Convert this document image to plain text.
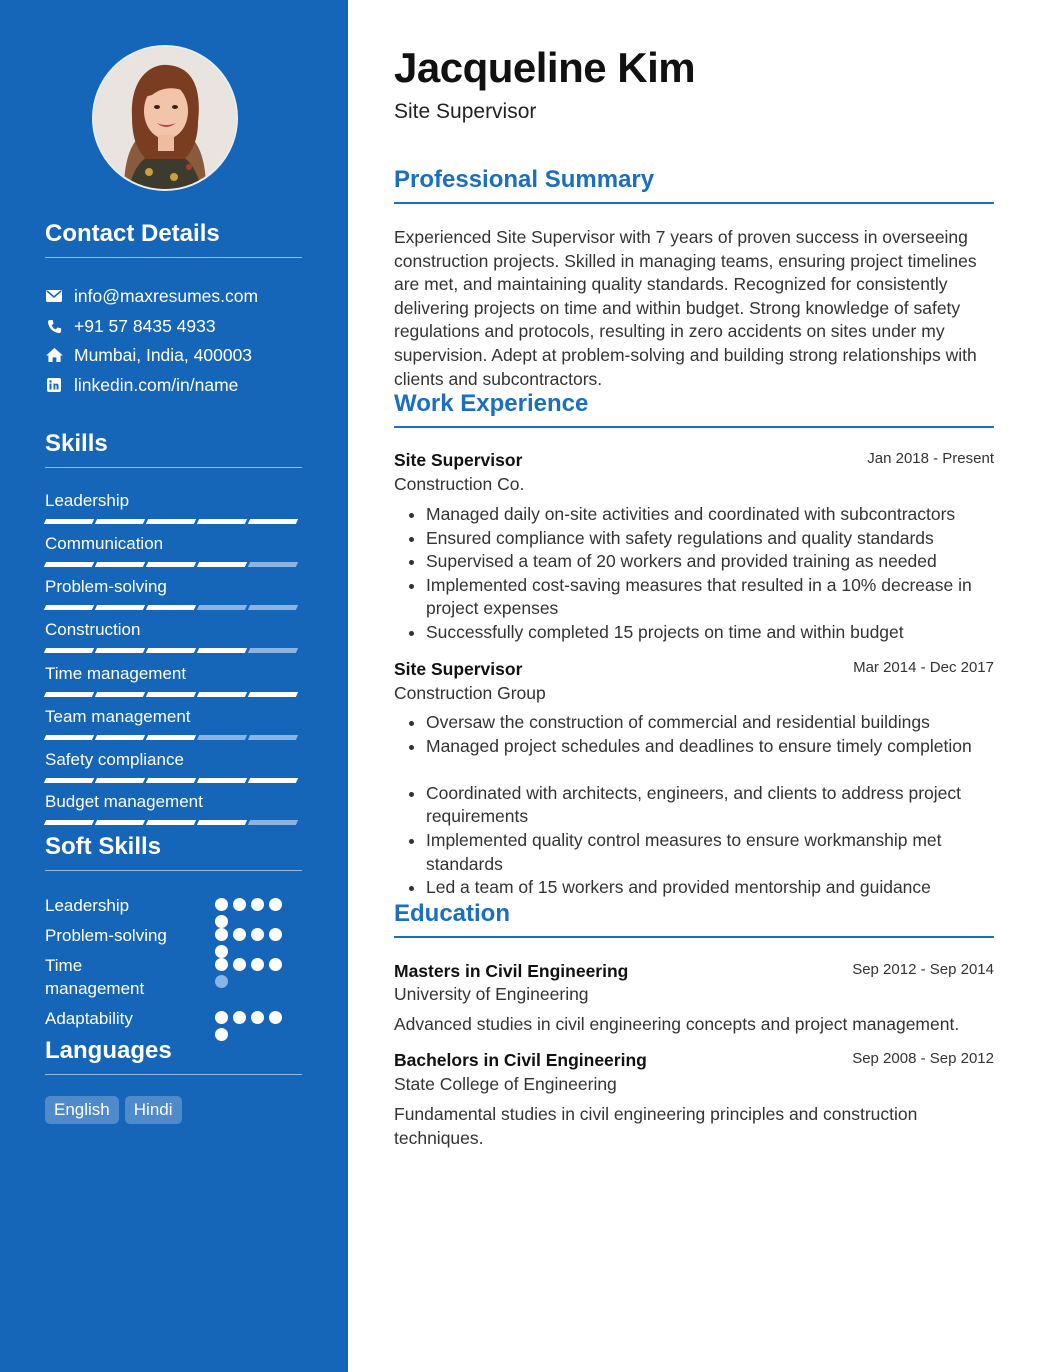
Contact Details
info@maxresumes.com
+91 57 8435 4933
Mumbai, India, 400003
linkedin.com/in/name
Skills
Leadership
Communication
Problem-solving
Construction
Time management
Team management
Safety compliance
Budget management
Soft Skills
Leadership
Problem-solving
Time management
Adaptability
Languages
English	Hindi
Jacqueline Kim
Site Supervisor
Professional Summary
Experienced Site Supervisor with 7 years of proven success in overseeing construction projects. Skilled in managing teams, ensuring project timelines are met, and maintaining quality standards. Recognized for consistently delivering projects on time and within budget. Strong knowledge of safety regulations and protocols, resulting in zero accidents on sites under my supervision. Adept at problem-solving and building strong relationships with clients and subcontractors.
Work Experience
Site Supervisor	Jan 2018 - Present
Construction Co.
• Managed daily on-site activities and coordinated with subcontractors
• Ensured compliance with safety regulations and quality standards
• Supervised a team of 20 workers and provided training as needed
• Implemented cost-saving measures that resulted in a 10% decrease in project expenses
• Successfully completed 15 projects on time and within budget
Site Supervisor	Mar 2014 - Dec 2017
Construction Group
• Oversaw the construction of commercial and residential buildings
• Managed project schedules and deadlines to ensure timely completion
• Coordinated with architects, engineers, and clients to address project requirements
• Implemented quality control measures to ensure workmanship met standards
• Led a team of 15 workers and provided mentorship and guidance
Education
Masters in Civil Engineering	Sep 2012 - Sep 2014
University of Engineering
Advanced studies in civil engineering concepts and project management.
Bachelors in Civil Engineering	Sep 2008 - Sep 2012
State College of Engineering
Fundamental studies in civil engineering principles and construction techniques.
